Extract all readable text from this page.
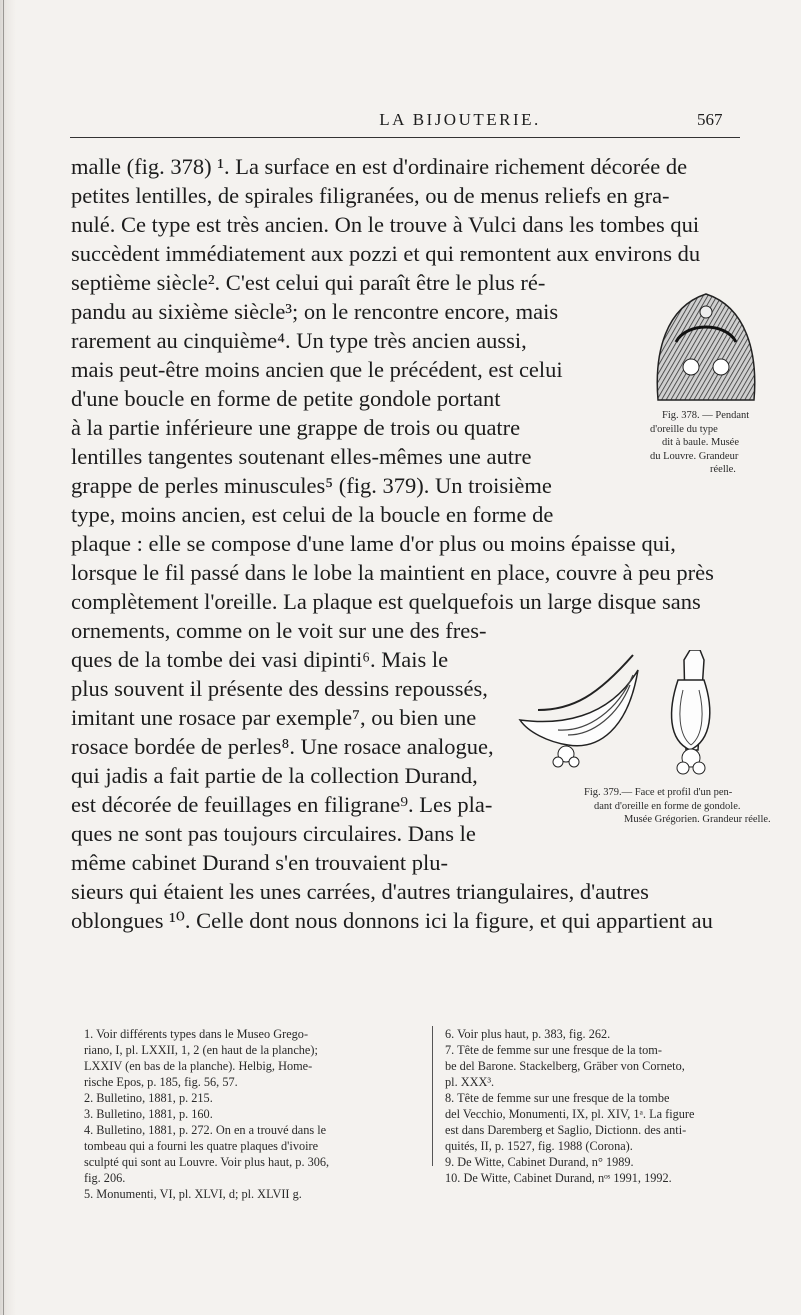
LA BIJOUTERIE.	567

malle (fig. 378) ¹. La surface en est d'ordinaire richement décorée de

petites lentilles, de spirales filigranées, ou de menus reliefs en gra-

nulé. Ce type est très ancien. On le trouve à Vulci dans les tombes qui

succèdent immédiatement aux pozzi et qui remontent aux environs du

septième siècle². C'est celui qui paraît être le plus ré-

pandu au sixième siècle³; on le rencontre encore, mais

rarement au cinquième⁴. Un type très ancien aussi,

mais peut-être moins ancien que le précédent, est celui

d'une boucle en forme de petite gondole portant

à la partie inférieure une grappe de trois ou quatre

lentilles tangentes soutenant elles-mêmes une autre

grappe de perles minuscules⁵ (fig. 379). Un troisième

type, moins ancien, est celui de la boucle en forme de

plaque : elle se compose d'une lame d'or plus ou moins épaisse qui,

lorsque le fil passé dans le lobe la maintient en place, couvre à peu près

complètement l'oreille. La plaque est quelquefois un large disque sans

ornements, comme on le voit sur une des fres-

ques de la tombe dei vasi dipinti⁶. Mais le

plus souvent il présente des dessins repoussés,

imitant une rosace par exemple⁷, ou bien une

rosace bordée de perles⁸. Une rosace analogue,

qui jadis a fait partie de la collection Durand,

est décorée de feuillages en filigrane⁹. Les pla-

ques ne sont pas toujours circulaires. Dans le

même cabinet Durand s'en trouvaient plu-

sieurs qui étaient les unes carrées, d'autres triangulaires, d'autres

oblongues ¹⁰. Celle dont nous donnons ici la figure, et qui appartient au

Fig. 378. — Pendant
d'oreille du type
dit à baule. Musée
du Louvre. Grandeur
réelle.
Fig. 379.— Face et profil d'un pen-
dant d'oreille en forme de gondole.
Musée Grégorien. Grandeur réelle.
1. Voir différents types dans le Museo Grego-
riano, I, pl. LXXII, 1, 2 (en haut de la planche);
LXXIV (en bas de la planche). Helbig, Home-
rische Epos, p. 185, fig. 56, 57.
2. Bulletino, 1881, p. 215.
3. Bulletino, 1881, p. 160.
4. Bulletino, 1881, p. 272. On en a trouvé dans le
tombeau qui a fourni les quatre plaques d'ivoire
sculpté qui sont au Louvre. Voir plus haut, p. 306,
fig. 206.
5. Monumenti, VI, pl. XLVI, d; pl. XLVII g.
6. Voir plus haut, p. 383, fig. 262.
7. Tête de femme sur une fresque de la tom-
be del Barone. Stackelberg, Gräber von Corneto,
pl. XXX³.
8. Tête de femme sur une fresque de la tombe
del Vecchio, Monumenti, IX, pl. XIV, 1ᵃ. La figure
est dans Daremberg et Saglio, Dictionn. des anti-
quités, II, p. 1527, fig. 1988 (Corona).
9. De Witte, Cabinet Durand, n° 1989.
10. De Witte, Cabinet Durand, nᵒˢ 1991, 1992.
